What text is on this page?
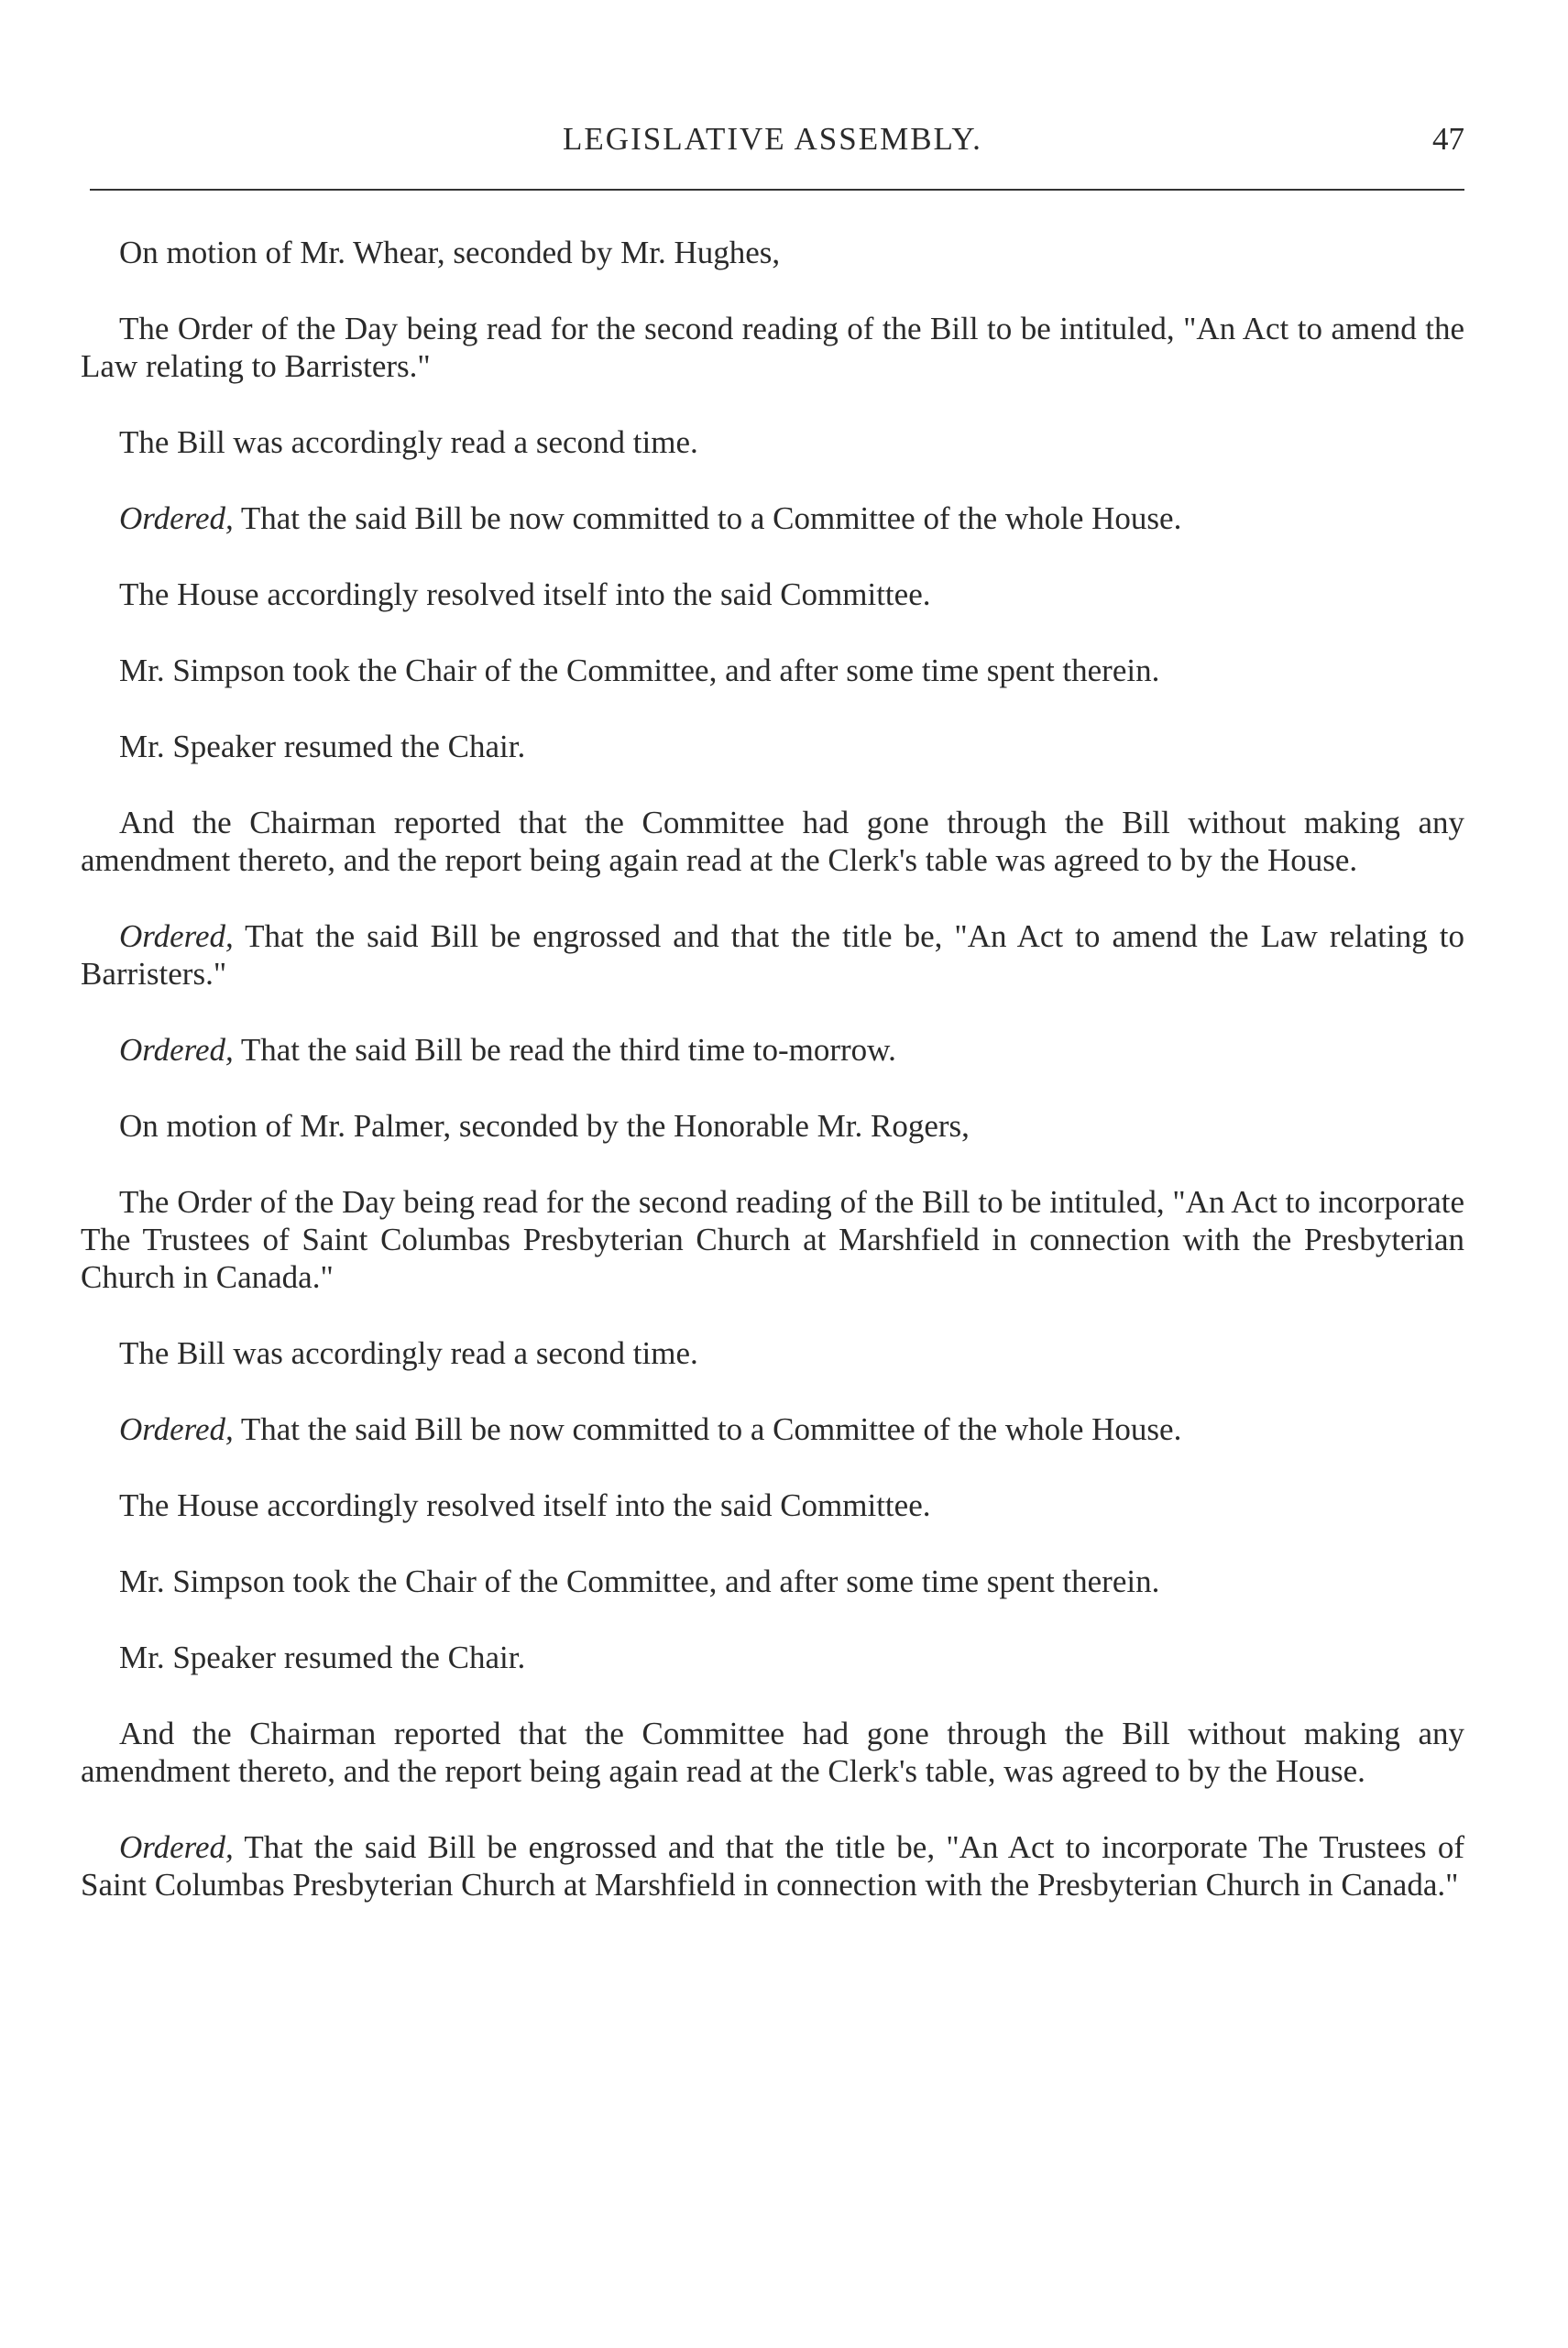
LEGISLATIVE ASSEMBLY.	47

On motion of Mr. Whear, seconded by Mr. Hughes,

The Order of the Day being read for the second reading of the Bill to be intituled, "An Act to amend the Law relating to Barristers."

The Bill was accordingly read a second time.

Ordered, That the said Bill be now committed to a Committee of the whole House.

The House accordingly resolved itself into the said Committee.

Mr. Simpson took the Chair of the Committee, and after some time spent therein.

Mr. Speaker resumed the Chair.

And the Chairman reported that the Committee had gone through the Bill without making any amendment thereto, and the report being again read at the Clerk's table was agreed to by the House.

Ordered, That the said Bill be engrossed and that the title be, "An Act to amend the Law relating to Barristers."

Ordered, That the said Bill be read the third time to-morrow.

On motion of Mr. Palmer, seconded by the Honorable Mr. Rogers,

The Order of the Day being read for the second reading of the Bill to be intituled, "An Act to incorporate The Trustees of Saint Columbas Presbyterian Church at Marshfield in connection with the Presbyterian Church in Canada."

The Bill was accordingly read a second time.

Ordered, That the said Bill be now committed to a Committee of the whole House.

The House accordingly resolved itself into the said Committee.

Mr. Simpson took the Chair of the Committee, and after some time spent therein.

Mr. Speaker resumed the Chair.

And the Chairman reported that the Committee had gone through the Bill without making any amendment thereto, and the report being again read at the Clerk's table, was agreed to by the House.

Ordered, That the said Bill be engrossed and that the title be, "An Act to incorporate The Trustees of Saint Columbas Presbyterian Church at Marshfield in connection with the Presbyterian Church in Canada."
